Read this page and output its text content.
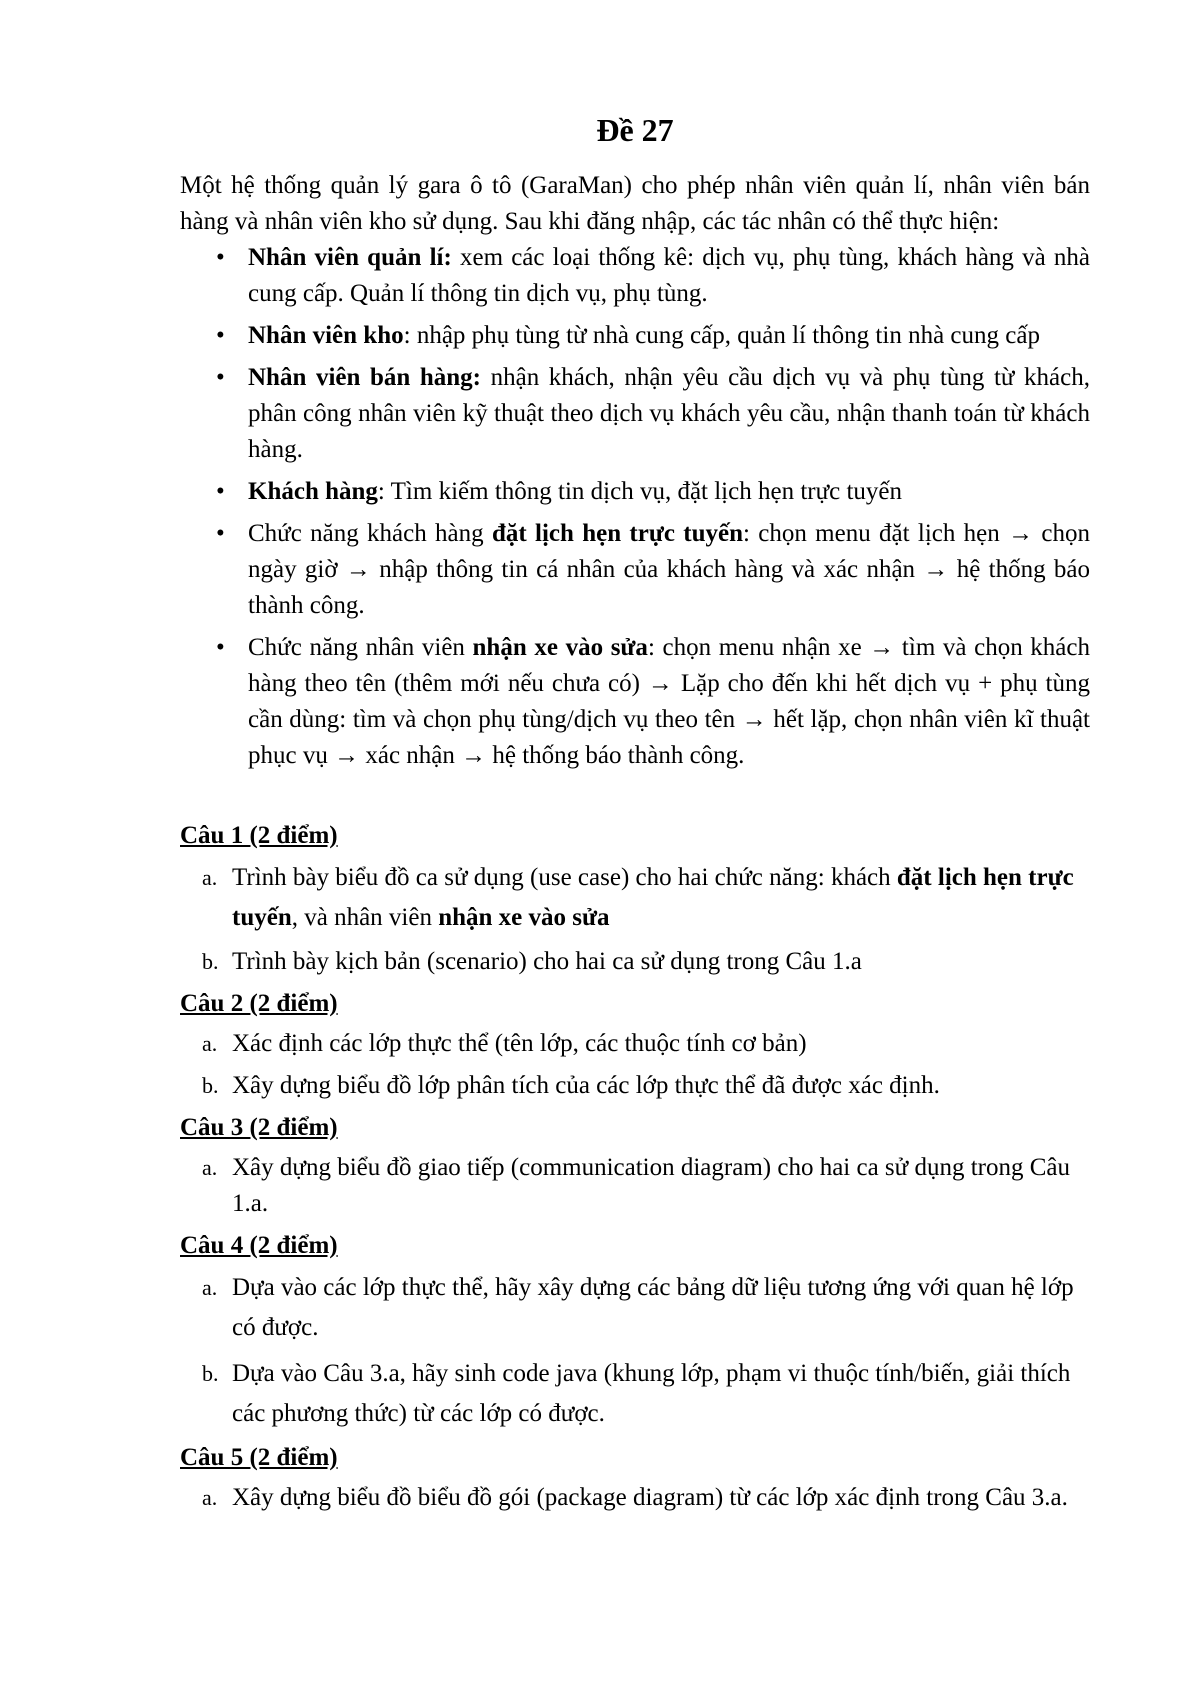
Đề 27

Một hệ thống quản lý gara ô tô (GaraMan) cho phép nhân viên quản lí, nhân viên bán hàng và nhân viên kho sử dụng. Sau khi đăng nhập, các tác nhân có thể thực hiện:

• Nhân viên quản lí: xem các loại thống kê: dịch vụ, phụ tùng, khách hàng và nhà cung cấp. Quản lí thông tin dịch vụ, phụ tùng.
• Nhân viên kho: nhập phụ tùng từ nhà cung cấp, quản lí thông tin nhà cung cấp
• Nhân viên bán hàng: nhận khách, nhận yêu cầu dịch vụ và phụ tùng từ khách, phân công nhân viên kỹ thuật theo dịch vụ khách yêu cầu, nhận thanh toán từ khách hàng.
• Khách hàng: Tìm kiếm thông tin dịch vụ, đặt lịch hẹn trực tuyến
• Chức năng khách hàng đặt lịch hẹn trực tuyến: chọn menu đặt lịch hẹn → chọn ngày giờ → nhập thông tin cá nhân của khách hàng và xác nhận → hệ thống báo thành công.
• Chức năng nhân viên nhận xe vào sửa: chọn menu nhận xe → tìm và chọn khách hàng theo tên (thêm mới nếu chưa có) → Lặp cho đến khi hết dịch vụ + phụ tùng cần dùng: tìm và chọn phụ tùng/dịch vụ theo tên → hết lặp, chọn nhân viên kĩ thuật phục vụ → xác nhận → hệ thống báo thành công.
Câu 1 (2 điểm)
a. Trình bày biểu đồ ca sử dụng (use case) cho hai chức năng: khách đặt lịch hẹn trực tuyến, và nhân viên nhận xe vào sửa
b. Trình bày kịch bản (scenario) cho hai ca sử dụng trong Câu 1.a
Câu 2 (2 điểm)
a. Xác định các lớp thực thể (tên lớp, các thuộc tính cơ bản)
b. Xây dựng biểu đồ lớp phân tích của các lớp thực thể đã được xác định.
Câu 3 (2 điểm)
a. Xây dựng biểu đồ giao tiếp (communication diagram) cho hai ca sử dụng trong Câu 1.a.
Câu 4 (2 điểm)
a. Dựa vào các lớp thực thể, hãy xây dựng các bảng dữ liệu tương ứng với quan hệ lớp có được.
b. Dựa vào Câu 3.a, hãy sinh code java (khung lớp, phạm vi thuộc tính/biến, giải thích các phương thức) từ các lớp có được.
Câu 5 (2 điểm)
a. Xây dựng biểu đồ biểu đồ gói (package diagram) từ các lớp xác định trong Câu 3.a.
